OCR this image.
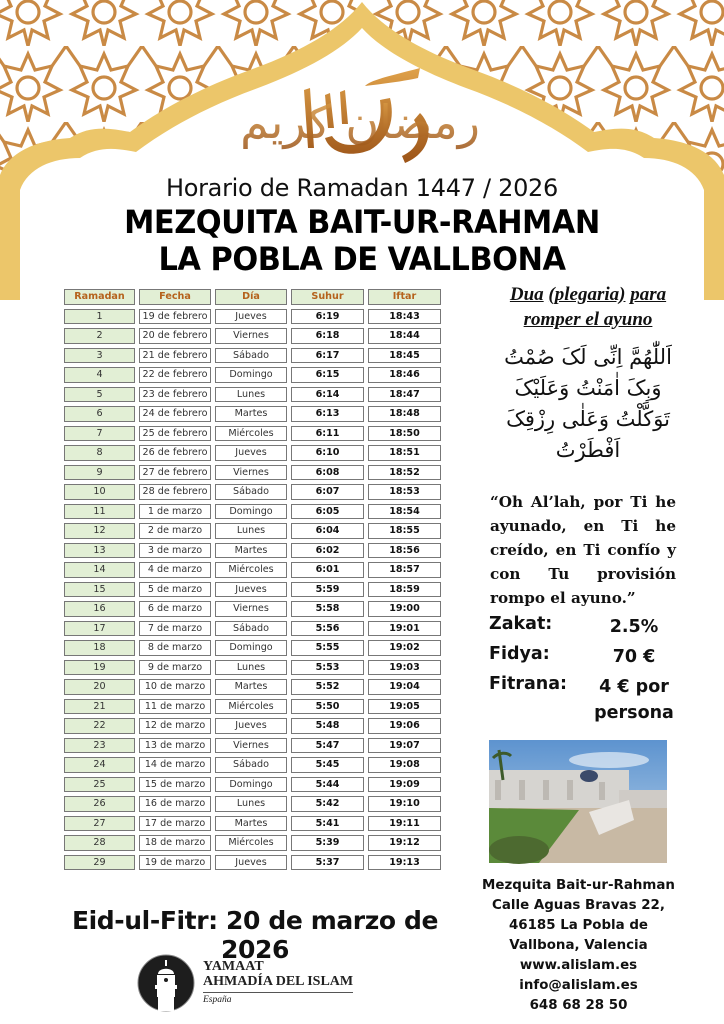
رمضان كريم
Horario de Ramadan 1447 / 2026
MEZQUITA BAIT-UR-RAHMAN
LA POBLA DE VALLBONA
Ramadan	Fecha	Día	Suhur	Iftar
1	19 de febrero	Jueves	6:19	18:43
2	20 de febrero	Viernes	6:18	18:44
3	21 de febrero	Sábado	6:17	18:45
4	22 de febrero	Domingo	6:15	18:46
5	23 de febrero	Lunes	6:14	18:47
6	24 de febrero	Martes	6:13	18:48
7	25 de febrero	Miércoles	6:11	18:50
8	26 de febrero	Jueves	6:10	18:51
9	27 de febrero	Viernes	6:08	18:52
10	28 de febrero	Sábado	6:07	18:53
11	1 de marzo	Domingo	6:05	18:54
12	2 de marzo	Lunes	6:04	18:55
13	3 de marzo	Martes	6:02	18:56
14	4 de marzo	Miércoles	6:01	18:57
15	5 de marzo	Jueves	5:59	18:59
16	6 de marzo	Viernes	5:58	19:00
17	7 de marzo	Sábado	5:56	19:01
18	8 de marzo	Domingo	5:55	19:02
19	9 de marzo	Lunes	5:53	19:03
20	10 de marzo	Martes	5:52	19:04
21	11 de marzo	Miércoles	5:50	19:05
22	12 de marzo	Jueves	5:48	19:06
23	13 de marzo	Viernes	5:47	19:07
24	14 de marzo	Sábado	5:45	19:08
25	15 de marzo	Domingo	5:44	19:09
26	16 de marzo	Lunes	5:42	19:10
27	17 de marzo	Martes	5:41	19:11
28	18 de marzo	Miércoles	5:39	19:12
29	19 de marzo	Jueves	5:37	19:13
Dua (plegaria) para
romper el ayuno
اَللّٰهُمَّ اِنِّی لَکَ صُمْتُ
وَبِکَ اٰمَنْتُ وَعَلَیْکَ
تَوَکَّلْتُ وَعَلٰی رِزْقِکَ
اَفْطَرْتُ
“Oh Al’lah, por Ti he ayunado, en Ti he creído, en Ti confío y con Tu provisión rompo el ayuno.”
Zakat:	2.5%
Fidya:	70 €
Fitrana:	4 € por persona
Mezquita Bait-ur-Rahman
Calle Aguas Bravas 22,
46185 La Pobla de
Vallbona, Valencia
www.alislam.es
info@alislam.es
648 68 28 50
Eid-ul-Fitr: 20 de marzo de 2026
YAMAAT
AHMADÍA DEL ISLAM
España
